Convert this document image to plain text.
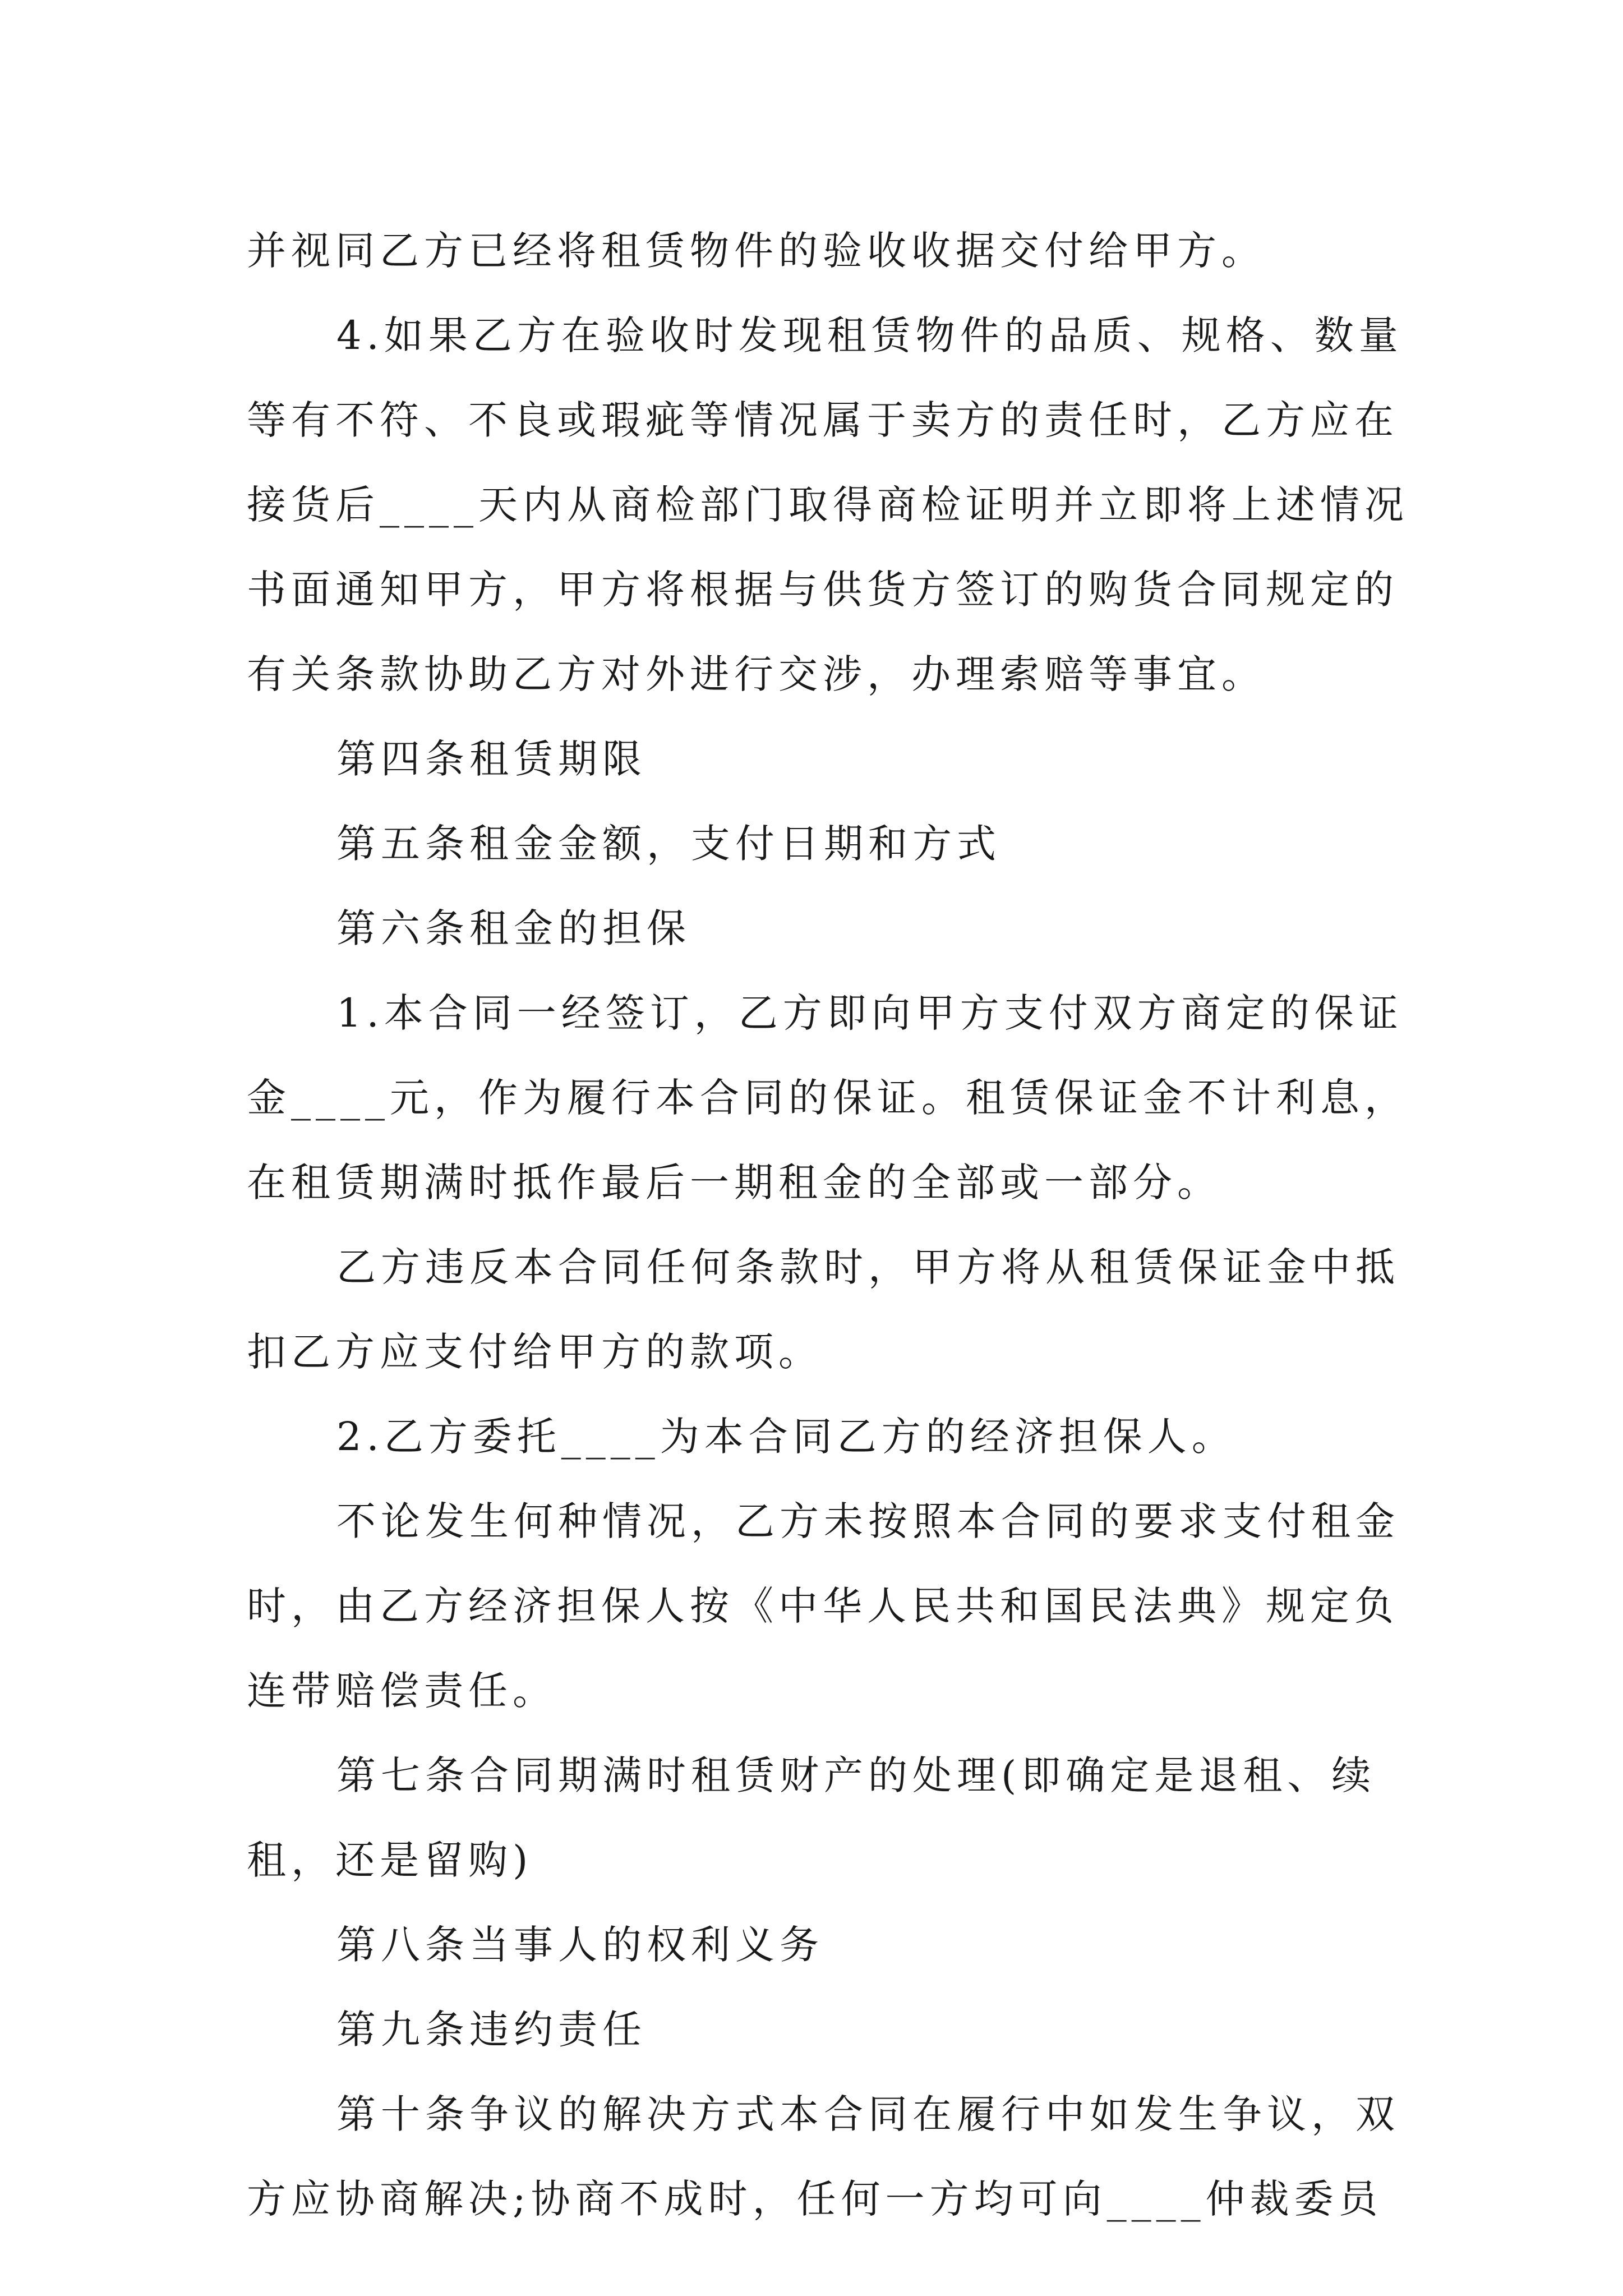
并视同乙方已经将租赁物件的验收收据交付给甲方。
4.如果乙方在验收时发现租赁物件的品质、规格、数量
等有不符、不良或瑕疵等情况属于卖方的责任时，乙方应在
接货后____天内从商检部门取得商检证明并立即将上述情况
书面通知甲方，甲方将根据与供货方签订的购货合同规定的
有关条款协助乙方对外进行交涉，办理索赔等事宜。
第四条租赁期限
第五条租金金额，支付日期和方式
第六条租金的担保
1.本合同一经签订，乙方即向甲方支付双方商定的保证
金____元，作为履行本合同的保证。租赁保证金不计利息，
在租赁期满时抵作最后一期租金的全部或一部分。
乙方违反本合同任何条款时，甲方将从租赁保证金中抵
扣乙方应支付给甲方的款项。
2.乙方委托____为本合同乙方的经济担保人。
不论发生何种情况，乙方未按照本合同的要求支付租金
时，由乙方经济担保人按《中华人民共和国民法典》规定负
连带赔偿责任。
第七条合同期满时租赁财产的处理(即确定是退租、续
租，还是留购)
第八条当事人的权利义务
第九条违约责任
第十条争议的解决方式本合同在履行中如发生争议，双
方应协商解决;协商不成时，任何一方均可向____仲裁委员
